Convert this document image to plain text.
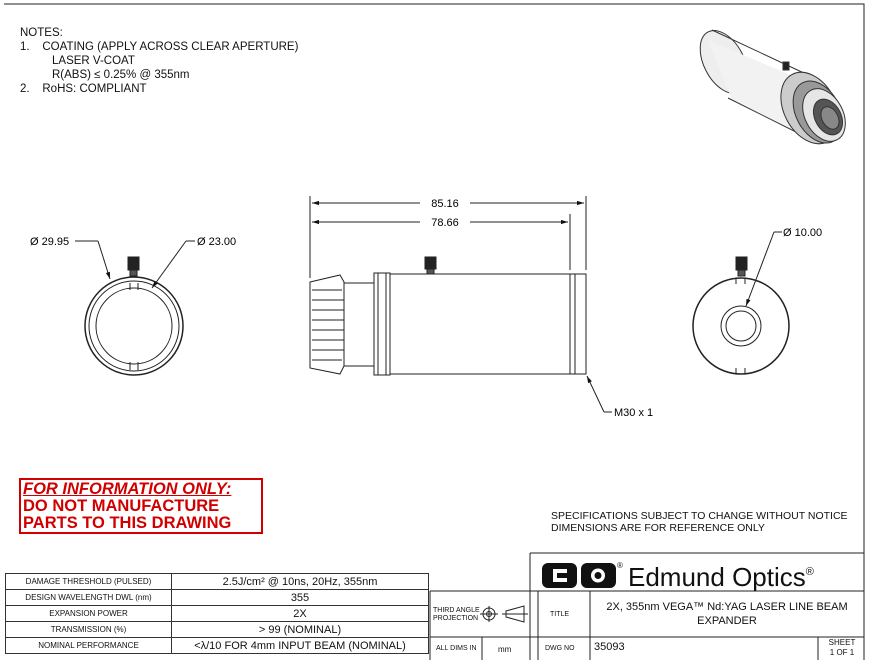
NOTES:
1. COATING (APPLY ACROSS CLEAR APERTURE)
LASER V-COAT
R(ABS) ≤ 0.25% @ 355nm
2. RoHS: COMPLIANT
Ø 29.95	Ø 23.00
85.16
78.66
M30 x 1
Ø 10.00
FOR INFORMATION ONLY:
DO NOT MANUFACTURE
PARTS TO THIS DRAWING	SPECIFICATIONS SUBJECT TO CHANGE WITHOUT NOTICE
DIMENSIONS ARE FOR REFERENCE ONLY
DAMAGE THRESHOLD (PULSED)	2.5J/cm² @ 10ns, 20Hz, 355nm
DESIGN WAVELENGTH DWL (nm)	355
EXPANSION POWER	2X
TRANSMISSION (%)	> 99 (NOMINAL)
NOMINAL PERFORMANCE	<λ/10 FOR 4mm INPUT BEAM (NOMINAL)
®
EO
Edmund Optics®
THIRD ANGLE
PROJECTION
TITLE
2X, 355nm VEGA™ Nd:YAG LASER LINE BEAM
EXPANDER
ALL DIMS IN	mm	DWG NO 35093	SHEET
1 OF 1
